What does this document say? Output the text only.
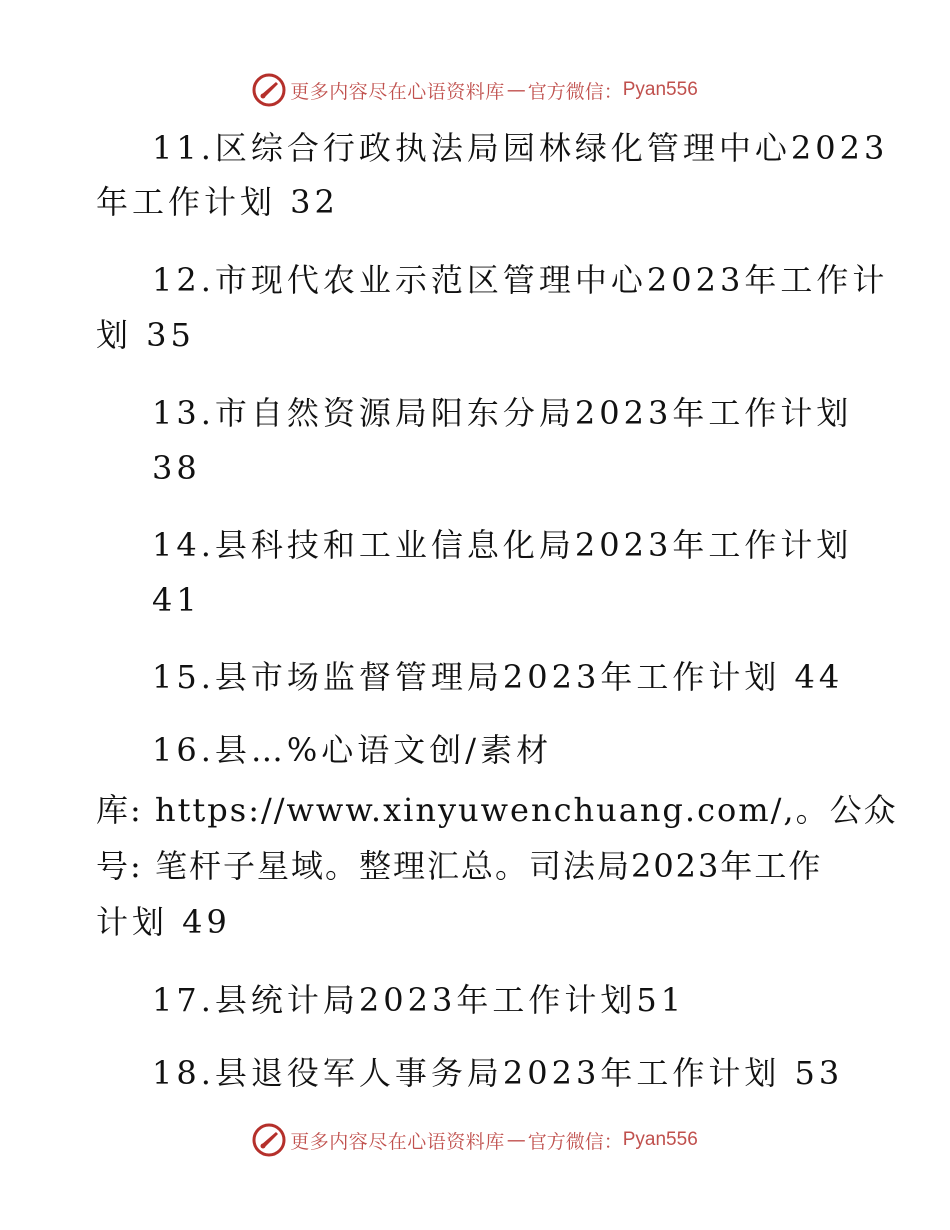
更多内容尽在心语资料库 — 官方微信： Pyan556
11.区综合行政执法局园林绿化管理中心2023
年工作计划 32
12.市现代农业示范区管理中心2023年工作计
划 35
13.市自然资源局阳东分局2023年工作计划
38
14.县科技和工业信息化局2023年工作计划
41
15.县市场监督管理局2023年工作计划 44
16.县…%心语文创/素材
库: https://www.xinyuwenchuang.com/,。公众
号: 笔杆子星域。整理汇总。司法局2023年工作
计划 49
17.县统计局2023年工作计划51
18.县退役军人事务局2023年工作计划 53
更多内容尽在心语资料库 — 官方微信： Pyan556
